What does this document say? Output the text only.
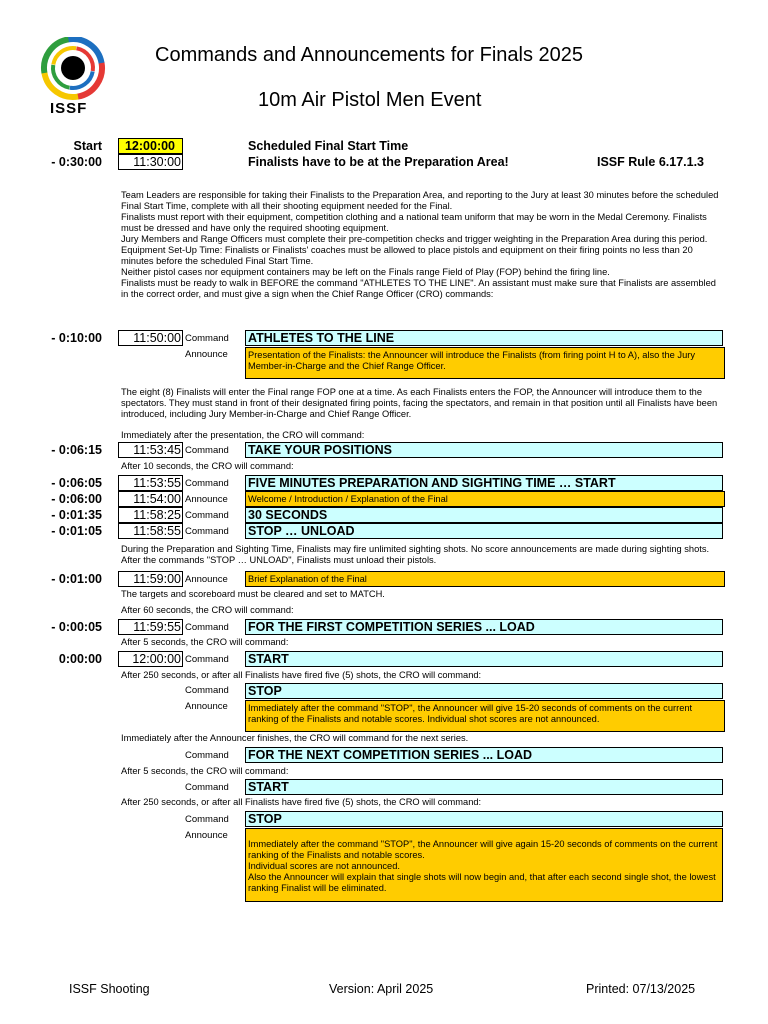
ISSF
Commands and Announcements for Finals 2025
10m Air Pistol Men Event
Start	12:00:00	Scheduled Final Start Time
- 0:30:00	11:30:00	Finalists have to be at the Preparation Area!	ISSF Rule 6.17.1.3
Team Leaders are responsible for taking their Finalists to the Preparation Area, and reporting to the Jury at least 30 minutes before the scheduled Final Start Time, complete with all their shooting equipment needed for the Final.
Finalists must report with their equipment, competition clothing and a national team uniform that may be worn in the Medal Ceremony. Finalists must be dressed and have only the required shooting equipment.
Jury Members and Range Officers must complete their pre-competition checks and trigger weighting in the Preparation Area during this period.
Equipment Set-Up Time: Finalists or Finalists' coaches must be allowed to place pistols and equipment on their firing points no less than 20 minutes before the scheduled Final Start Time.
Neither pistol cases nor equipment containers may be left on the Finals range Field of Play (FOP) behind the firing line.
Finalists must be ready to walk in BEFORE the command "ATHLETES TO THE LINE". An assistant must make sure that Finalists are assembled in the correct order, and must give a sign when the Chief Range Officer (CRO) commands:
- 0:10:00	11:50:00 Command ATHLETES TO THE LINE
Announce	Presentation of the Finalists: the Announcer will introduce the Finalists (from firing point H to A), also the Jury Member-in-Charge and the Chief Range Officer.
The eight (8) Finalists will enter the Final range FOP one at a time. As each Finalists enters the FOP, the Announcer will introduce them to the spectators. They must stand in front of their designated firing points, facing the spectators, and remain in that position until all Finalists have been introduced, including Jury Member-in-Charge and Chief Range Officer.
Immediately after the presentation, the CRO will command:
- 0:06:15	11:53:45 Command TAKE YOUR POSITIONS
After 10 seconds, the CRO will command:
- 0:06:05	11:53:55 Command FIVE MINUTES PREPARATION AND SIGHTING TIME … START
- 0:06:00	11:54:00 Announce	Welcome / Introduction / Explanation of the Final
- 0:01:35	11:58:25 Command 30 SECONDS
- 0:01:05	11:58:55 Command STOP … UNLOAD
During the Preparation and Sighting Time, Finalists may fire unlimited sighting shots. No score announcements are made during sighting shots. After the commands "STOP … UNLOAD", Finalists must unload their pistols.
- 0:01:00	11:59:00 Announce	Brief Explanation of the Final
The targets and scoreboard must be cleared and set to MATCH.
After 60 seconds, the CRO will command:
- 0:00:05	11:59:55 Command FOR THE FIRST COMPETITION SERIES ... LOAD
After 5 seconds, the CRO will command:
0:00:00	12:00:00 Command START
After 250 seconds, or after all Finalists have fired five (5) shots, the CRO will command:
Command STOP
Announce	Immediately after the command "STOP", the Announcer will give 15-20 seconds of comments on the current ranking of the Finalists and notable scores. Individual shot scores are not announced.
Immediately after the Announcer finishes, the CRO will command for the next series.
Command FOR THE NEXT COMPETITION SERIES ... LOAD
After 5 seconds, the CRO will command:
Command START
After 250 seconds, or after all Finalists have fired five (5) shots, the CRO will command:
Command STOP
Announce
Immediately after the command "STOP", the Announcer will give again 15-20 seconds of comments on the current ranking of the Finalists and notable scores.
Individual scores are not announced.
Also the Announcer will explain that single shots will now begin and, that after each second single shot, the lowest ranking Finalist will be eliminated.
ISSF Shooting	Version: April 2025	Printed: 07/13/2025
